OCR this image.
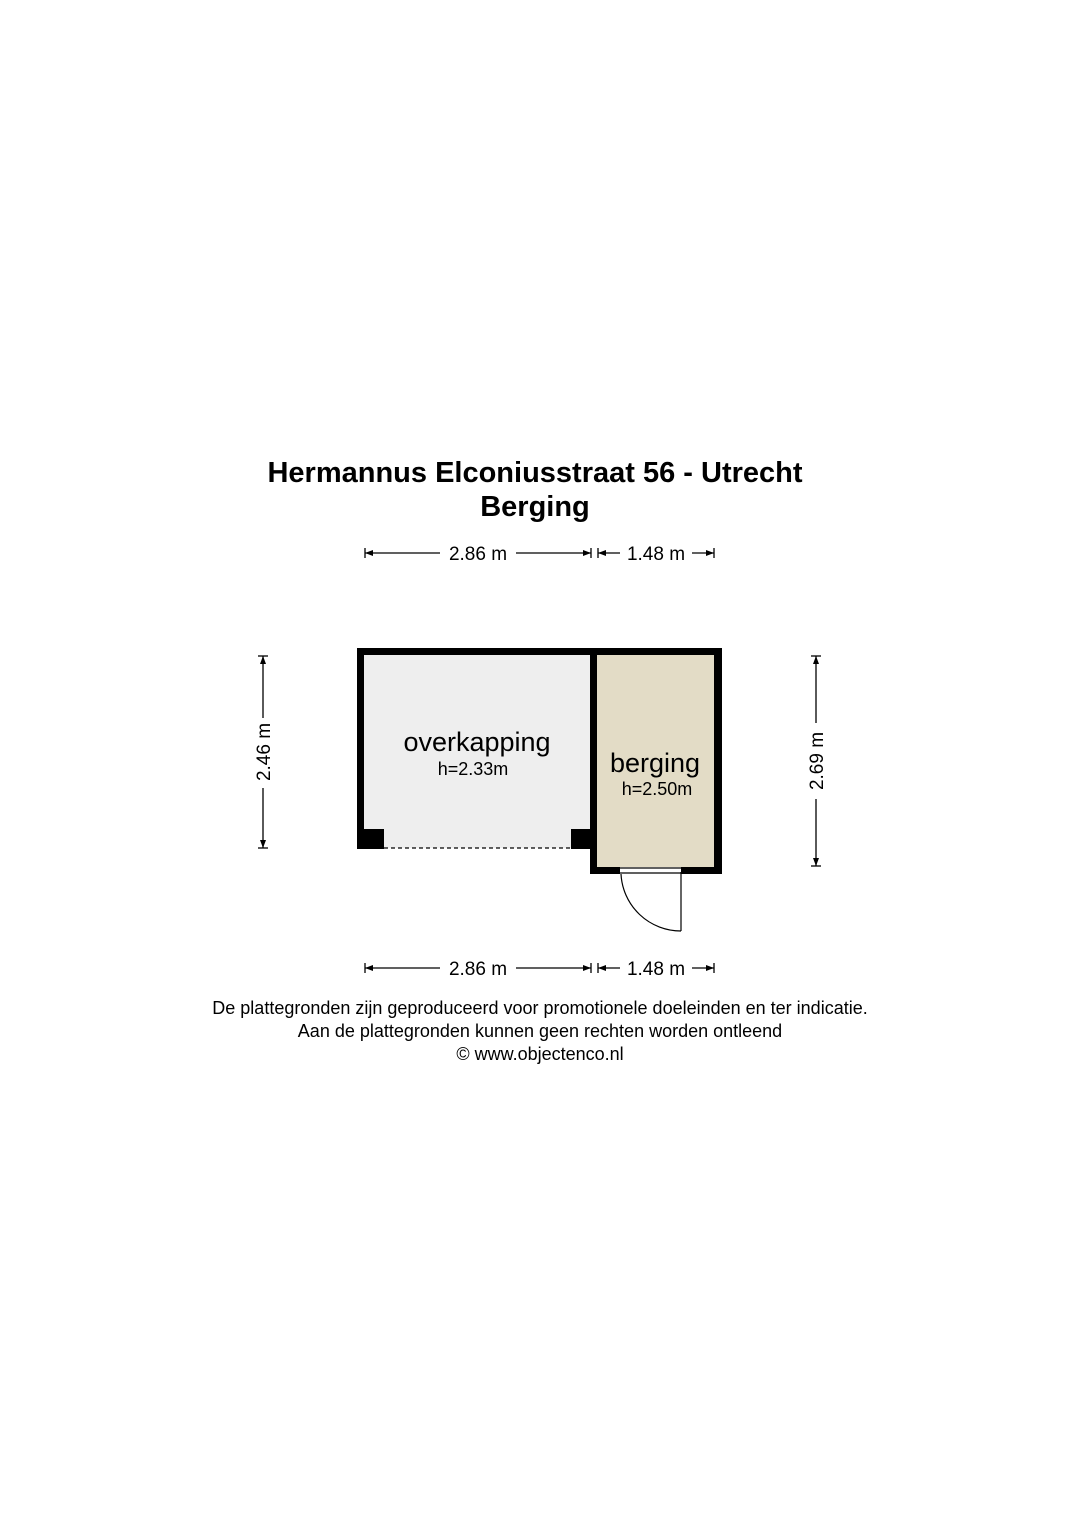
Hermannus Elconiusstraat 56 - Utrecht
Berging
2.86 m	1.48 m
2.86 m	1.48 m
2.46 m	2.69 m
overkapping
h=2.33m	berging
h=2.50m
De plattegronden zijn geproduceerd voor promotionele doeleinden en ter indicatie.
Aan de plattegronden kunnen geen rechten worden ontleend
© www.objectenco.nl
